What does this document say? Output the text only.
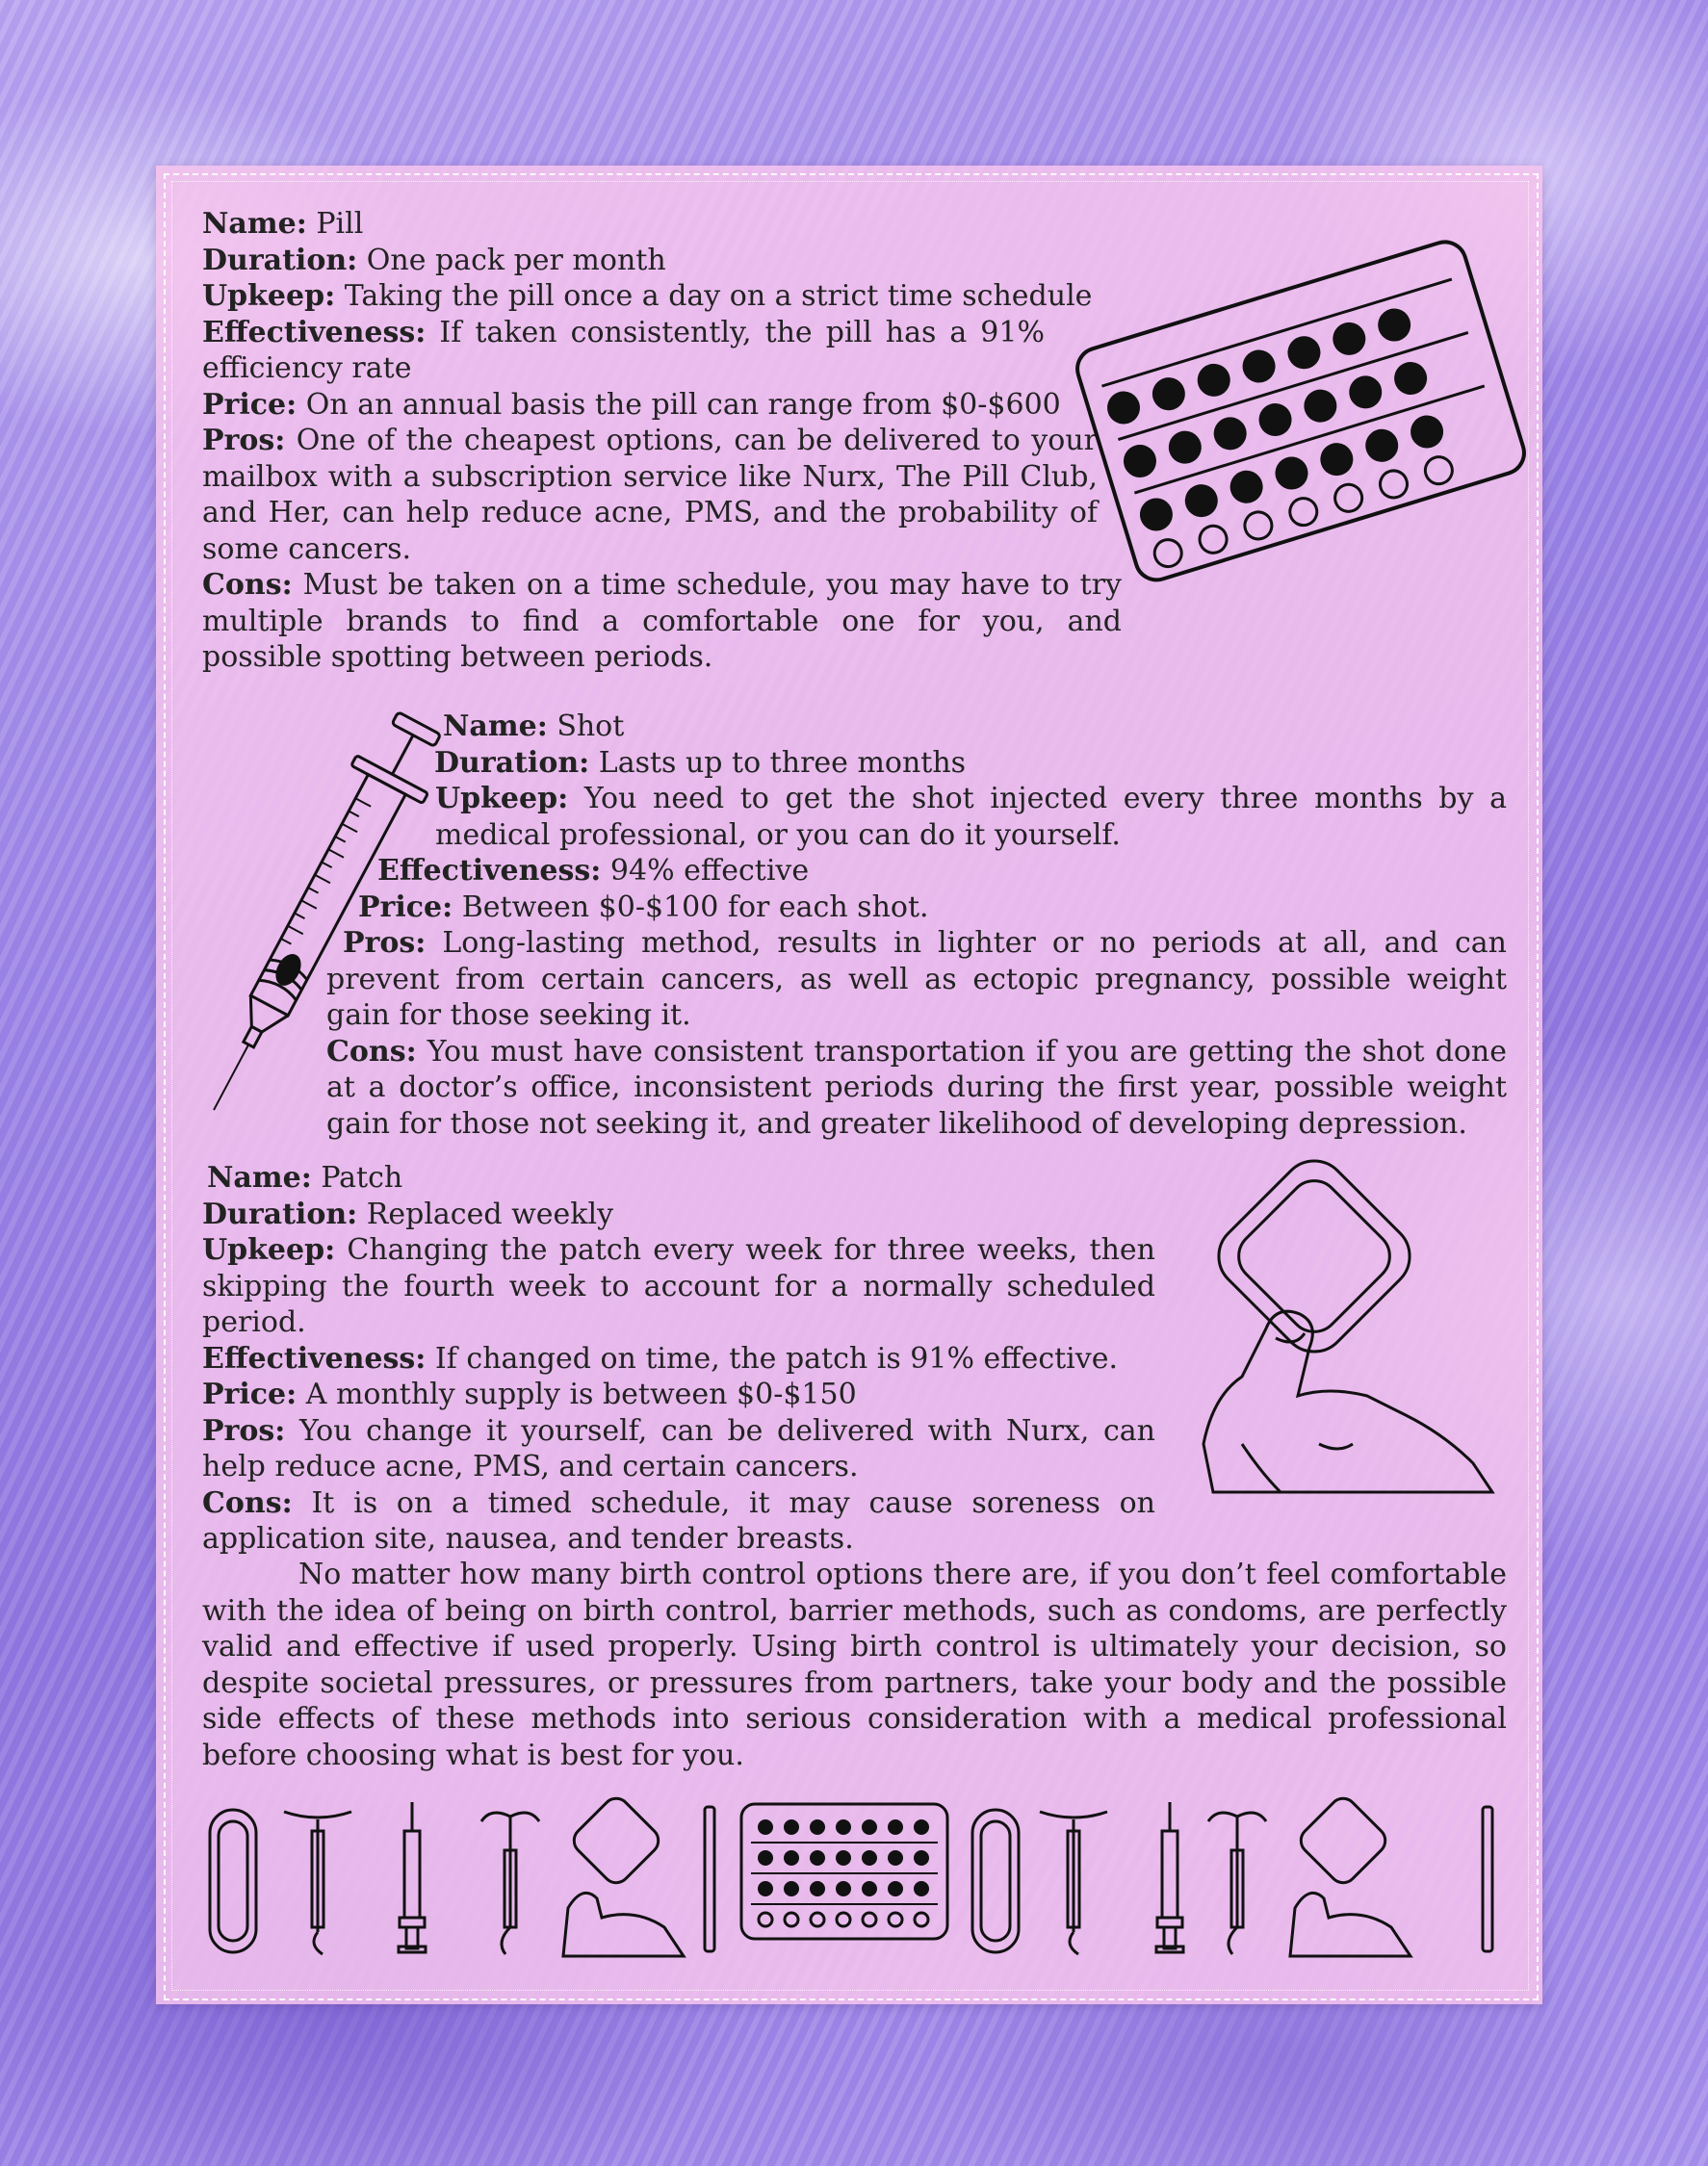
Name: Pill
Duration: One pack per month
Upkeep: Taking the pill once a day on a strict time schedule
Effectiveness: If taken consistently, the pill has a 91% efficiency rate
Price: On an annual basis the pill can range from $0-$600
Pros: One of the cheapest options, can be delivered to your mailbox with a subscription service like Nurx, The Pill Club, and Her, can help reduce acne, PMS, and the probability of some cancers.
Cons: Must be taken on a time schedule, you may have to try multiple brands to find a comfortable one for you, and possible spotting between periods.
Name: Shot
Duration: Lasts up to three months
Upkeep: You need to get the shot injected every three months by a medical professional, or you can do it yourself.
Effectiveness: 94% effective
Price: Between $0-$100 for each shot.
Pros: Long-lasting method, results in lighter or no periods at all, and can prevent from certain cancers, as well as ectopic pregnancy, possible weight gain for those seeking it.
Cons: You must have consistent transportation if you are getting the shot done at a doctor’s office, inconsistent periods during the first year, possible weight gain for those not seeking it, and greater likelihood of developing depression.
Name: Patch
Duration: Replaced weekly
Upkeep: Changing the patch every week for three weeks, then skipping the fourth week to account for a normally scheduled period.
Effectiveness: If changed on time, the patch is 91% effective.
Price: A monthly supply is between $0-$150
Pros: You change it yourself, can be delivered with Nurx, can help reduce acne, PMS, and certain cancers.
Cons: It is on a timed schedule, it may cause soreness on application site, nausea, and tender breasts.
No matter how many birth control options there are, if you don’t feel comfortable with the idea of being on birth control, barrier methods, such as condoms, are perfectly valid and effective if used properly. Using birth control is ultimately your decision, so despite societal pressures, or pressures from partners, take your body and the possible side effects of these methods into serious consideration with a medical professional before choosing what is best for you.
